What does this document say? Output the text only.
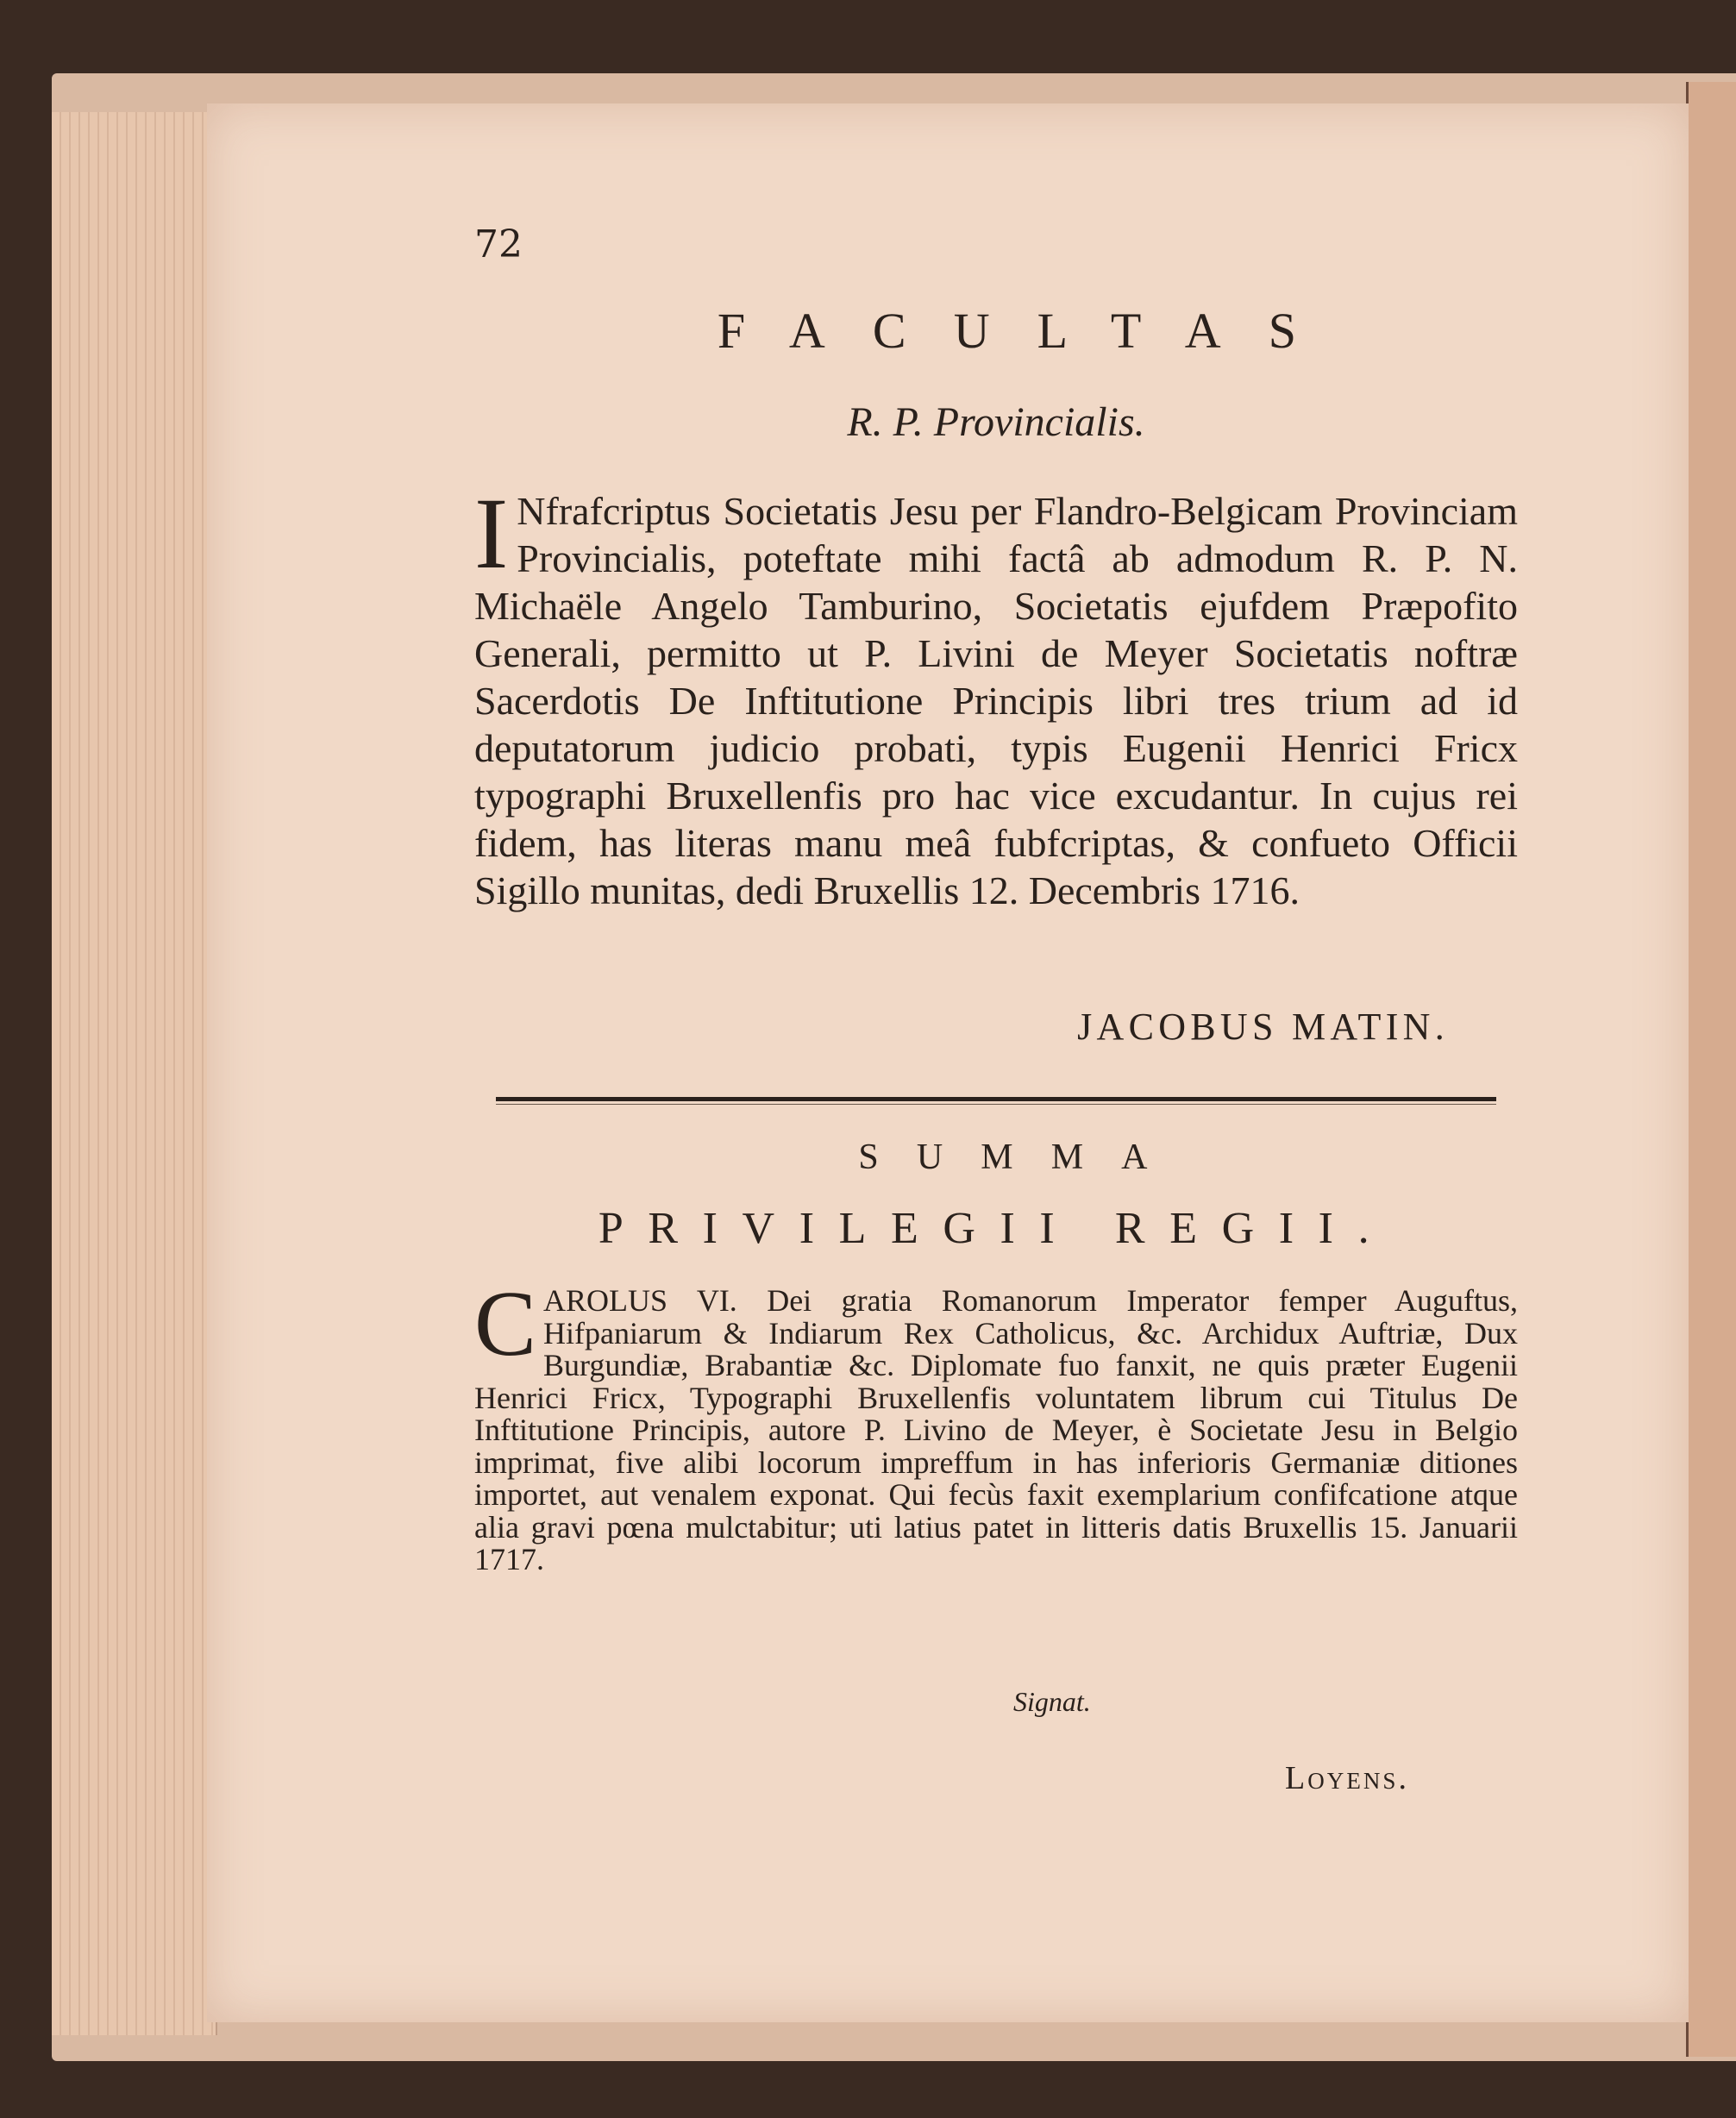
72
FACULTAS
R. P. Provincialis.
I Nfrafcriptus Societatis Jesu per Flandro-Belgicam Provinciam Provincialis, poteftate mihi factâ ab admodum R. P. N. Michaële Angelo Tamburino, Societatis ejufdem Præpofito Generali, permitto ut P. Livini de Meyer Societatis noftræ Sacerdotis De Inftitutione Principis libri tres trium ad id deputatorum judicio probati, typis Eugenii Henrici Fricx typographi Bruxellenfis pro hac vice excudantur. In cujus rei fidem, has literas manu meâ fubfcriptas, & confueto Officii Sigillo munitas, dedi Bruxellis 12. Decembris 1716.

JACOBUS MATIN.
SUMMA
PRIVILEGII REGII.
C AROLUS VI. Dei gratia Romanorum Imperator femper Auguftus, Hifpaniarum & Indiarum Rex Catholicus, &c. Archidux Auftriæ, Dux Burgundiæ, Brabantiæ &c. Diplomate fuo fanxit, ne quis præter Eugenii Henrici Fricx, Typographi Bruxellenfis voluntatem librum cui Titulus De Inftitutione Principis, autore P. Livino de Meyer, è Societate Jesu in Belgio imprimat, five alibi locorum impreffum in has inferioris Germaniæ ditiones importet, aut venalem exponat. Qui fecùs faxit exemplarium confifcatione atque alia gravi pœna mulctabitur; uti latius patet in litteris datis Bruxellis 15. Januarii 1717.

Signat.
Loyens.
